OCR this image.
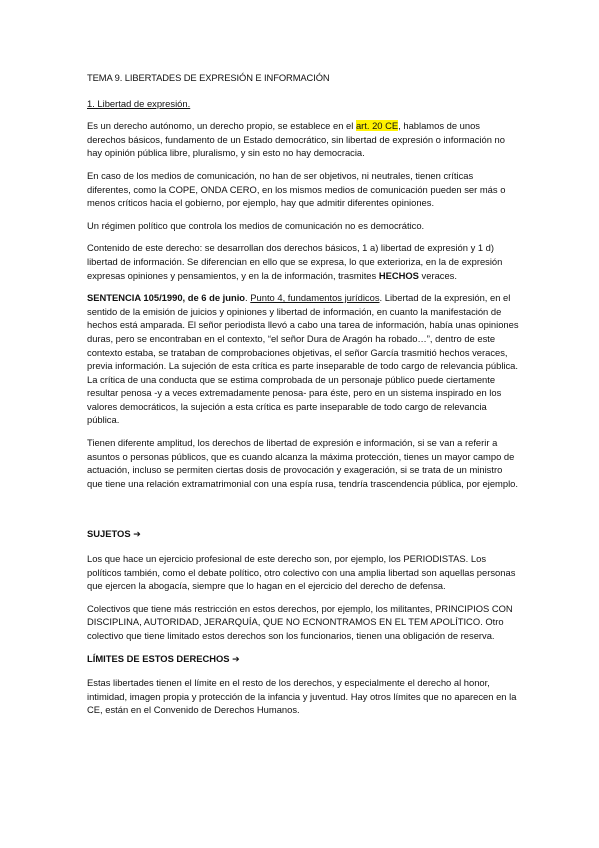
TEMA 9. LIBERTADES DE EXPRESIÓN E INFORMACIÓN
1. Libertad de expresión.

Es un derecho autónomo, un derecho propio, se establece en el art. 20 CE, hablamos de unos derechos básicos, fundamento de un Estado democrático, sin libertad de expresión o información no hay opinión pública libre, pluralismo, y sin esto no hay democracia.

En caso de los medios de comunicación, no han de ser objetivos, ni neutrales, tienen críticas diferentes, como la COPE, ONDA CERO, en los mismos medios de comunicación pueden ser más o menos críticos hacia el gobierno, por ejemplo, hay que admitir diferentes opiniones.

Un régimen político que controla los medios de comunicación no es democrático.

Contenido de este derecho: se desarrollan dos derechos básicos, 1 a) libertad de expresión y 1 d) libertad de información. Se diferencian en ello que se expresa, lo que exterioriza, en la de expresión expresas opiniones y pensamientos, y en la de información, trasmites HECHOS veraces.

SENTENCIA 105/1990, de 6 de junio. Punto 4, fundamentos jurídicos. Libertad de la expresión, en el sentido de la emisión de juicios y opiniones y libertad de información, en cuanto la manifestación de hechos está amparada. El señor periodista llevó a cabo una tarea de información, había unas opiniones duras, pero se encontraban en el contexto, “el señor Dura de Aragón ha robado…”, dentro de este contexto estaba, se trataban de comprobaciones objetivas, el señor García trasmitió hechos veraces, previa información. La sujeción de esta crítica es parte inseparable de todo cargo de relevancia pública. La crítica de una conducta que se estima comprobada de un personaje público puede ciertamente resultar penosa -y a veces extremadamente penosa- para éste, pero en un sistema inspirado en los valores democráticos, la sujeción a esta crítica es parte inseparable de todo cargo de relevancia pública.

Tienen diferente amplitud, los derechos de libertad de expresión e información, si se van a referir a asuntos o personas públicos, que es cuando alcanza la máxima protección, tienes un mayor campo de actuación, incluso se permiten ciertas dosis de provocación y exageración, si se trata de un ministro que tiene una relación extramatrimonial con una espía rusa, tendría trascendencia pública, por ejemplo.

SUJETOS ➔

Los que hace un ejercicio profesional de este derecho son, por ejemplo, los PERIODISTAS. Los políticos también, como el debate político, otro colectivo con una amplia libertad son aquellas personas que ejercen la abogacía, siempre que lo hagan en el ejercicio del derecho de defensa.

Colectivos que tiene más restricción en estos derechos, por ejemplo, los militantes, PRINCIPIOS CON DISCIPLINA, AUTORIDAD, JERARQUÍA, QUE NO ECNONTRAMOS EN EL TEM APOLÍTICO. Otro colectivo que tiene limitado estos derechos son los funcionarios, tienen una obligación de reserva.

LÍMITES DE ESTOS DERECHOS ➔

Estas libertades tienen el límite en el resto de los derechos, y especialmente el derecho al honor, intimidad, imagen propia y protección de la infancia y juventud. Hay otros límites que no aparecen en la CE, están en el Convenido de Derechos Humanos.
